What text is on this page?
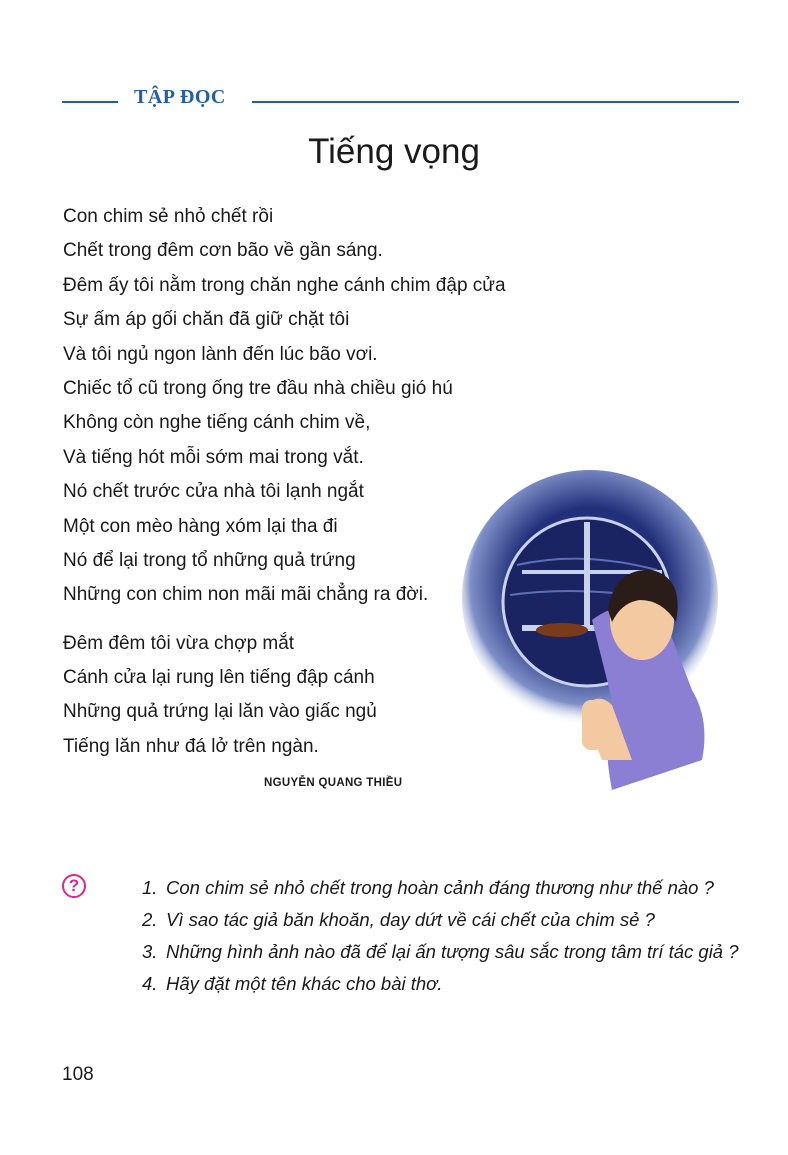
TẬP ĐỌC
Tiếng vọng
Con chim sẻ nhỏ chết rồi
Chết trong đêm cơn bão về gần sáng.
Đêm ấy tôi nằm trong chăn nghe cánh chim đập cửa
Sự ấm áp gối chăn đã giữ chặt tôi
Và tôi ngủ ngon lành đến lúc bão vơi.
Chiếc tổ cũ trong ống tre đầu nhà chiều gió hú
Không còn nghe tiếng cánh chim về,
Và tiếng hót mỗi sớm mai trong vắt.
Nó chết trước cửa nhà tôi lạnh ngắt
Một con mèo hàng xóm lại tha đi
Nó để lại trong tổ những quả trứng
Những con chim non mãi mãi chẳng ra đời.
Đêm đêm tôi vừa chợp mắt
Cánh cửa lại rung lên tiếng đập cánh
Những quả trứng lại lăn vào giấc ngủ
Tiếng lăn như đá lở trên ngàn.
NGUYỄN QUANG THIỀU
?	1. Con chim sẻ nhỏ chết trong hoàn cảnh đáng thương như thế nào ?
2. Vì sao tác giả băn khoăn, day dứt về cái chết của chim sẻ ?
3. Những hình ảnh nào đã để lại ấn tượng sâu sắc trong tâm trí tác giả ?
4. Hãy đặt một tên khác cho bài thơ.
108
